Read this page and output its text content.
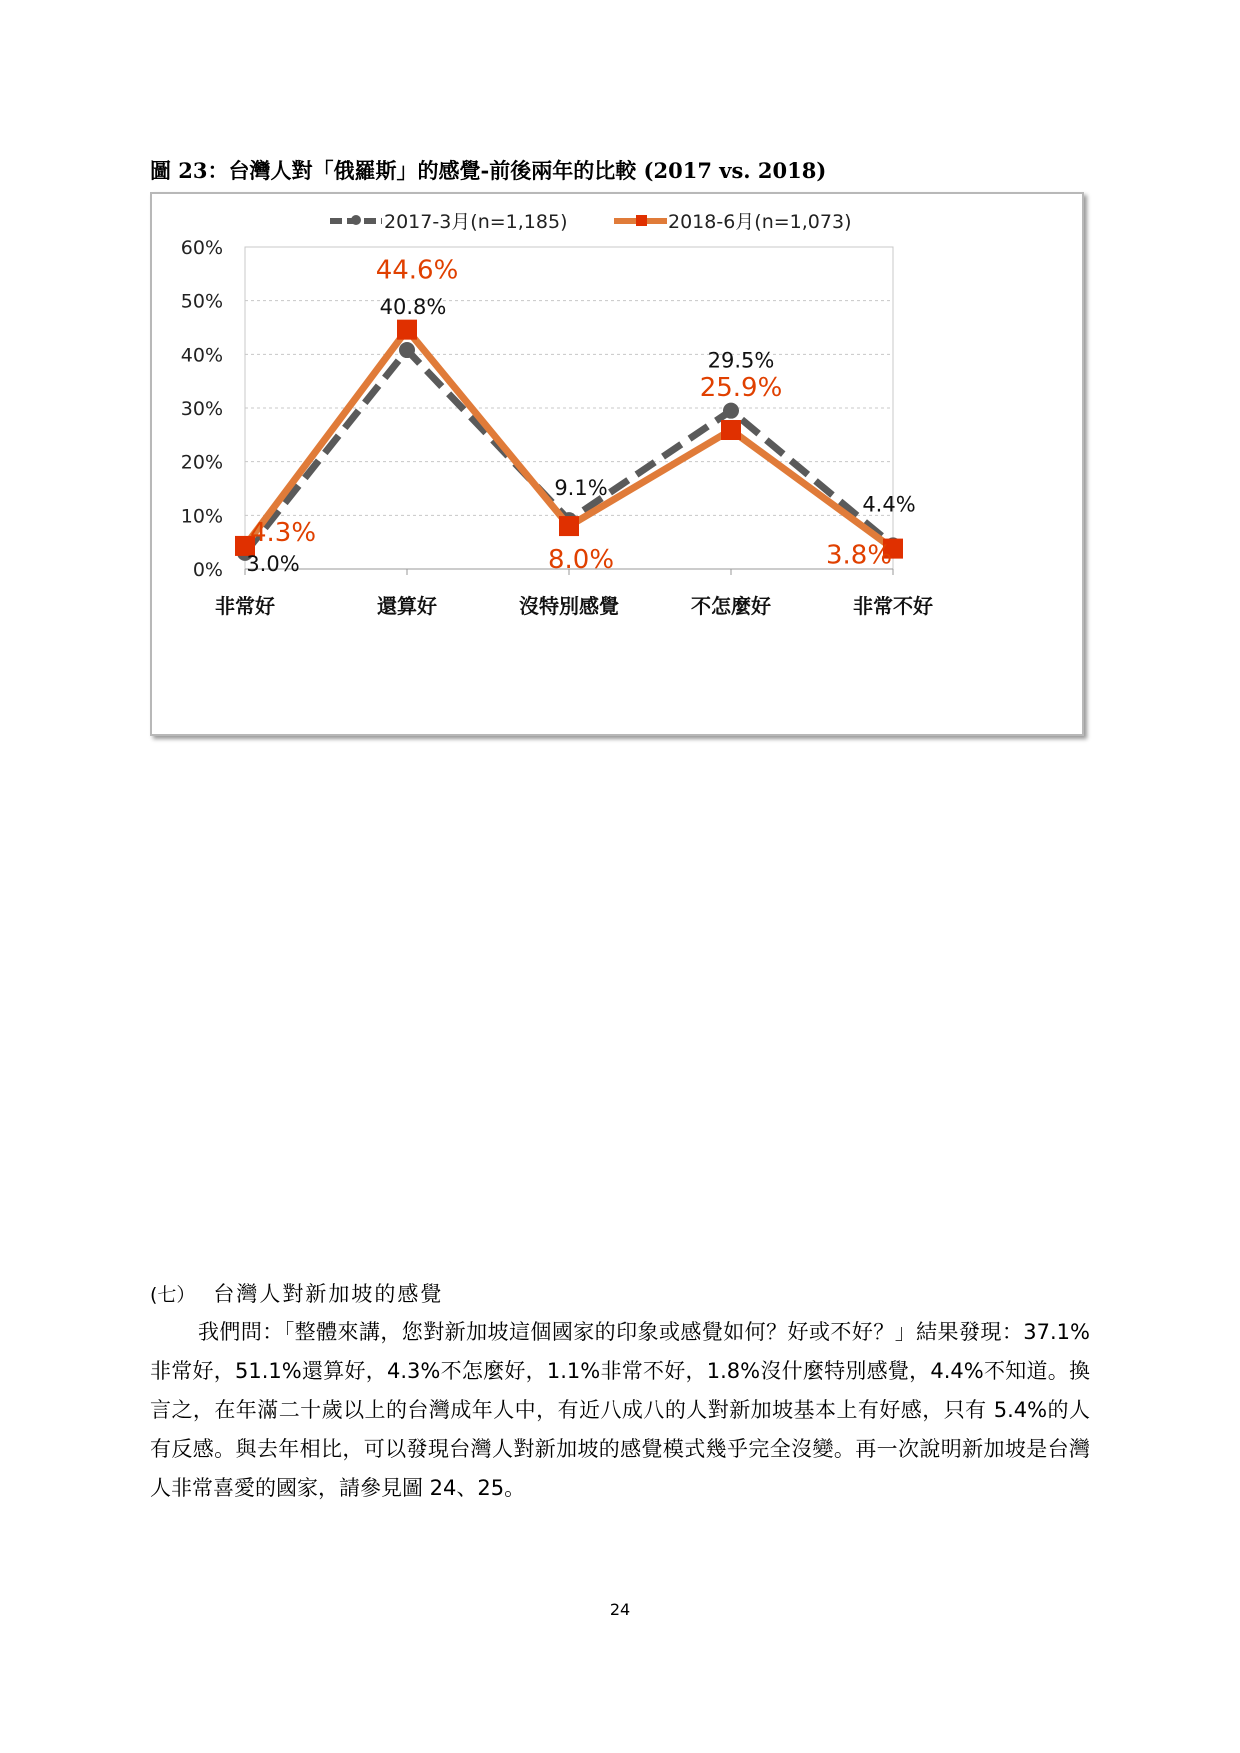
圖 23：台灣人對「俄羅斯」的感覺-前後兩年的比較 (2017 vs. 2018)
0%
10%
20%
30%
40%
50%
60%
非常好	還算好	沒特別感覺	不怎麼好	非常不好
2017-3月(n=1,185)	2018-6月(n=1,073)
3.0%
40.8%
9.1%
29.5%
4.4%
4.3%
44.6%
8.0%
25.9%
3.8%
(七） 台灣人對新加坡的感覺

我們問：「整體來講，您對新加坡這個國家的印象或感覺如何？好或不好？」結果發現：37.1%非常好，51.1%還算好，4.3%不怎麼好，1.1%非常不好，1.8%沒什麼特別感覺，4.4%不知道。換言之，在年滿二十歲以上的台灣成年人中，有近八成八的人對新加坡基本上有好感，只有 5.4%的人有反感。與去年相比，可以發現台灣人對新加坡的感覺模式幾乎完全沒變。再一次說明新加坡是台灣人非常喜愛的國家，請參見圖 24、25。

24
